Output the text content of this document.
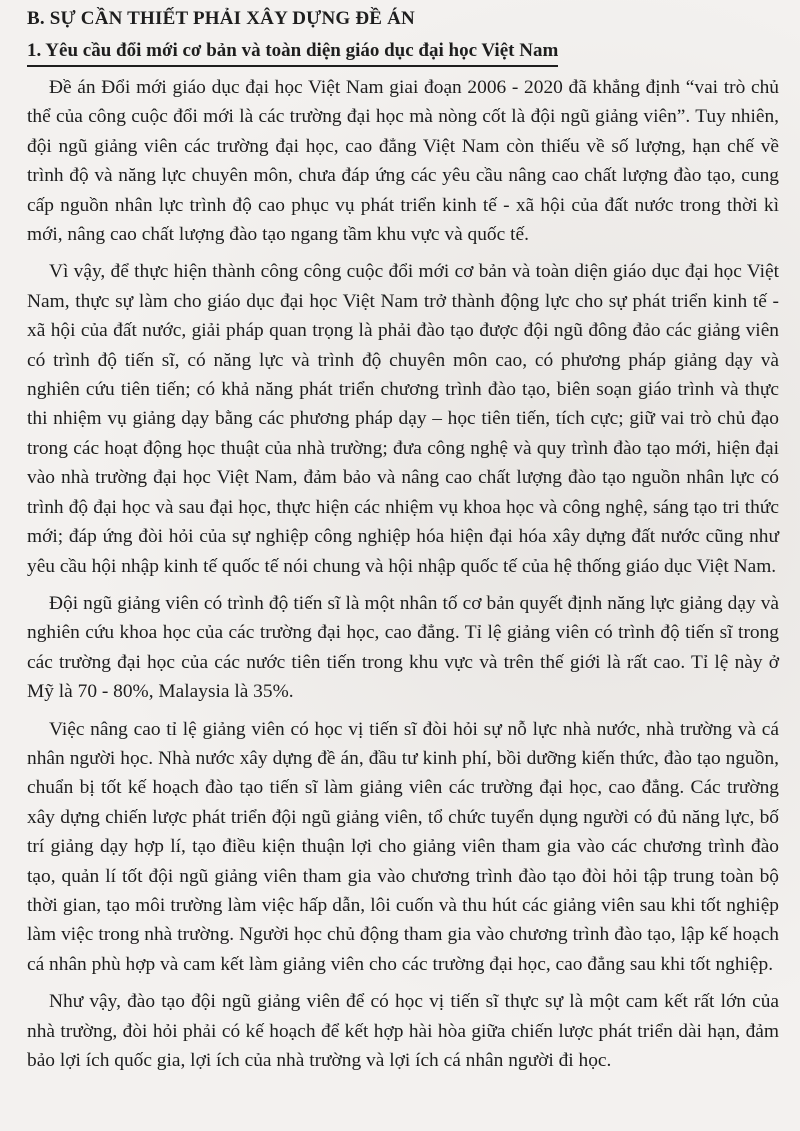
B. SỰ CẦN THIẾT PHẢI XÂY DỰNG ĐỀ ÁN
1. Yêu cầu đổi mới cơ bản và toàn diện giáo dục đại học Việt Nam

Đề án Đổi mới giáo dục đại học Việt Nam giai đoạn 2006 - 2020 đã khẳng định “vai trò chủ thể của công cuộc đổi mới là các trường đại học mà nòng cốt là đội ngũ giảng viên”. Tuy nhiên, đội ngũ giảng viên các trường đại học, cao đẳng Việt Nam còn thiếu về số lượng, hạn chế về trình độ và năng lực chuyên môn, chưa đáp ứng các yêu cầu nâng cao chất lượng đào tạo, cung cấp nguồn nhân lực trình độ cao phục vụ phát triển kinh tế - xã hội của đất nước trong thời kì mới, nâng cao chất lượng đào tạo ngang tầm khu vực và quốc tế.

Vì vậy, để thực hiện thành công công cuộc đổi mới cơ bản và toàn diện giáo dục đại học Việt Nam, thực sự làm cho giáo dục đại học Việt Nam trở thành động lực cho sự phát triển kinh tế - xã hội của đất nước, giải pháp quan trọng là phải đào tạo được đội ngũ đông đảo các giảng viên có trình độ tiến sĩ, có năng lực và trình độ chuyên môn cao, có phương pháp giảng dạy và nghiên cứu tiên tiến; có khả năng phát triển chương trình đào tạo, biên soạn giáo trình và thực thi nhiệm vụ giảng dạy bằng các phương pháp dạy – học tiên tiến, tích cực; giữ vai trò chủ đạo trong các hoạt động học thuật của nhà trường; đưa công nghệ và quy trình đào tạo mới, hiện đại vào nhà trường đại học Việt Nam, đảm bảo và nâng cao chất lượng đào tạo nguồn nhân lực có trình độ đại học và sau đại học, thực hiện các nhiệm vụ khoa học và công nghệ, sáng tạo tri thức mới; đáp ứng đòi hỏi của sự nghiệp công nghiệp hóa hiện đại hóa xây dựng đất nước cũng như yêu cầu hội nhập kinh tế quốc tế nói chung và hội nhập quốc tế của hệ thống giáo dục Việt Nam.

Đội ngũ giảng viên có trình độ tiến sĩ là một nhân tố cơ bản quyết định năng lực giảng dạy và nghiên cứu khoa học của các trường đại học, cao đẳng. Tỉ lệ giảng viên có trình độ tiến sĩ trong các trường đại học của các nước tiên tiến trong khu vực và trên thế giới là rất cao. Tỉ lệ này ở Mỹ là 70 - 80%, Malaysia là 35%.

Việc nâng cao tỉ lệ giảng viên có học vị tiến sĩ đòi hỏi sự nỗ lực nhà nước, nhà trường và cá nhân người học. Nhà nước xây dựng đề án, đầu tư kinh phí, bồi dưỡng kiến thức, đào tạo nguồn, chuẩn bị tốt kế hoạch đào tạo tiến sĩ làm giảng viên các trường đại học, cao đẳng. Các trường xây dựng chiến lược phát triển đội ngũ giảng viên, tổ chức tuyển dụng người có đủ năng lực, bố trí giảng dạy hợp lí, tạo điều kiện thuận lợi cho giảng viên tham gia vào các chương trình đào tạo, quản lí tốt đội ngũ giảng viên tham gia vào chương trình đào tạo đòi hỏi tập trung toàn bộ thời gian, tạo môi trường làm việc hấp dẫn, lôi cuốn và thu hút các giảng viên sau khi tốt nghiệp làm việc trong nhà trường. Người học chủ động tham gia vào chương trình đào tạo, lập kế hoạch cá nhân phù hợp và cam kết làm giảng viên cho các trường đại học, cao đẳng sau khi tốt nghiệp.

Như vậy, đào tạo đội ngũ giảng viên để có học vị tiến sĩ thực sự là một cam kết rất lớn của nhà trường, đòi hỏi phải có kế hoạch để kết hợp hài hòa giữa chiến lược phát triển dài hạn, đảm bảo lợi ích quốc gia, lợi ích của nhà trường và lợi ích cá nhân người đi học.
